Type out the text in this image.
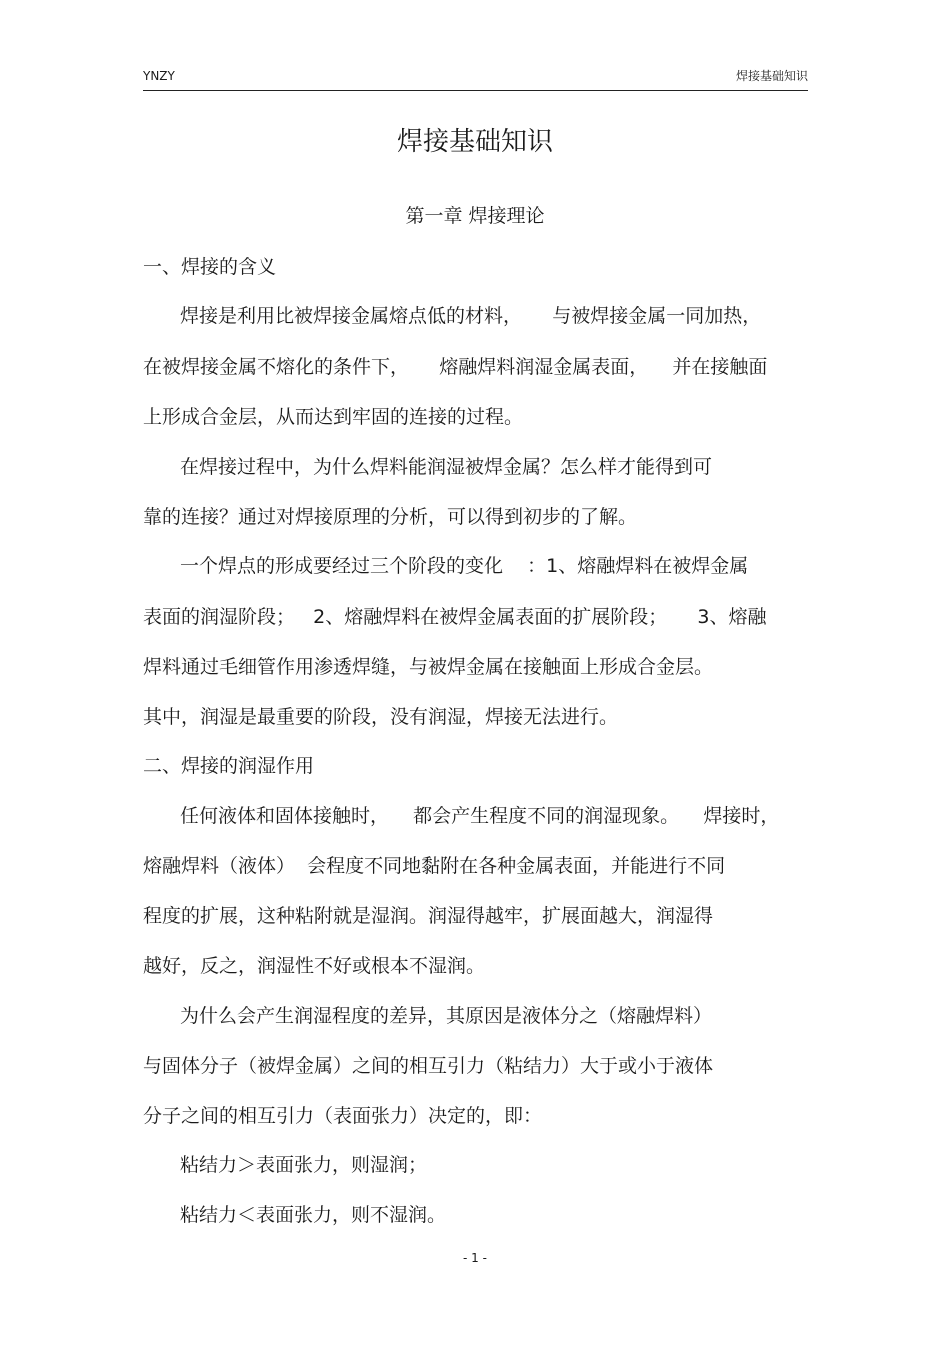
YNZY	焊接基础知识
焊接基础知识
第一章 焊接理论
一、焊接的含义
焊接是利用比被焊接金属熔点低的材料，     与被焊接金属一同加热，
在被焊接金属不熔化的条件下，     熔融焊料润湿金属表面，    并在接触面
上形成合金层，从而达到牢固的连接的过程。
在焊接过程中，为什么焊料能润湿被焊金属？怎么样才能得到可
靠的连接？通过对焊接原理的分析，可以得到初步的了解。
一个焊点的形成要经过三个阶段的变化    ：1、熔融焊料在被焊金属
表面的润湿阶段；   2、熔融焊料在被焊金属表面的扩展阶段；     3、熔融
焊料通过毛细管作用渗透焊缝，与被焊金属在接触面上形成合金层。
其中，润湿是最重要的阶段，没有润湿，焊接无法进行。
二、焊接的润湿作用
任何液体和固体接触时，    都会产生程度不同的润湿现象。    焊接时，
熔融焊料（液体）  会程度不同地黏附在各种金属表面，并能进行不同
程度的扩展，这种粘附就是湿润。润湿得越牢，扩展面越大，润湿得
越好，反之，润湿性不好或根本不湿润。
为什么会产生润湿程度的差异，其原因是液体分之（熔融焊料）
与固体分子（被焊金属）之间的相互引力（粘结力）大于或小于液体
分子之间的相互引力（表面张力）决定的，即：
粘结力＞表面张力，则湿润；
粘结力＜表面张力，则不湿润。
- 1 -
